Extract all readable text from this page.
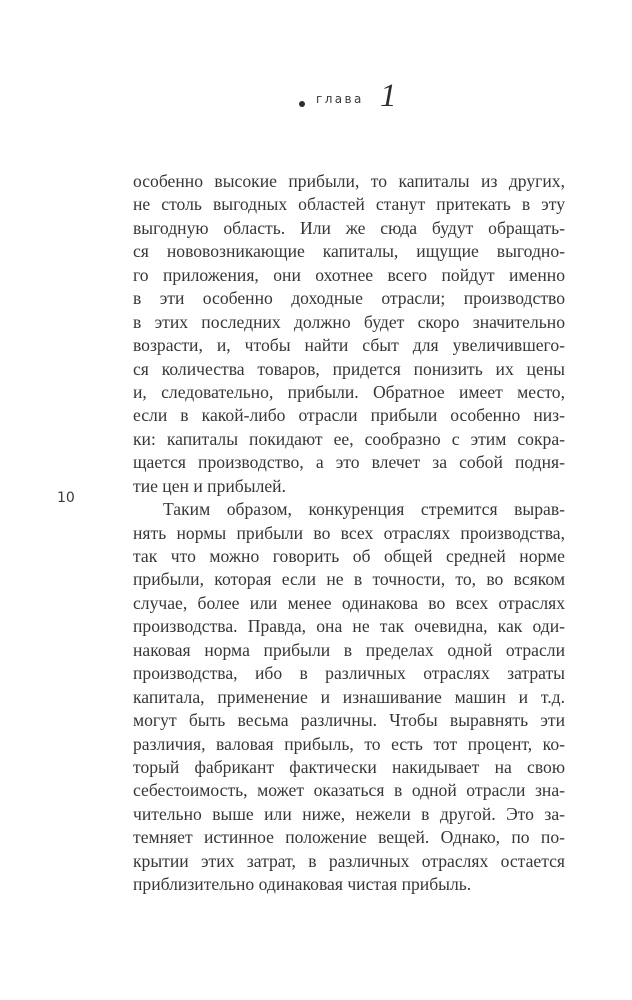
глава 1
10
особенно высокие прибыли, то капиталы из других,
не столь выгодных областей станут притекать в эту
выгодную область. Или же сюда будут обращать-
ся нововозникающие капиталы, ищущие выгодно-
го приложения, они охотнее всего пойдут именно
в эти особенно доходные отрасли; производство
в этих последних должно будет скоро значительно
возрасти, и, чтобы найти сбыт для увеличившего-
ся количества товаров, придется понизить их цены
и, следовательно, прибыли. Обратное имеет место,
если в какой-либо отрасли прибыли особенно низ-
ки: капиталы покидают ее, сообразно с этим сокра-
щается производство, а это влечет за собой подня-
тие цен и прибылей.
Таким образом, конкуренция стремится вырав-
нять нормы прибыли во всех отраслях производства,
так что можно говорить об общей средней норме
прибыли, которая если не в точности, то, во всяком
случае, более или менее одинакова во всех отраслях
производства. Правда, она не так очевидна, как оди-
наковая норма прибыли в пределах одной отрасли
производства, ибо в различных отраслях затраты
капитала, применение и изнашивание машин и т.д.
могут быть весьма различны. Чтобы выравнять эти
различия, валовая прибыль, то есть тот процент, ко-
торый фабрикант фактически накидывает на свою
себестоимость, может оказаться в одной отрасли зна-
чительно выше или ниже, нежели в другой. Это за-
темняет истинное положение вещей. Однако, по по-
крытии этих затрат, в различных отраслях остается
приблизительно одинаковая чистая прибыль.
